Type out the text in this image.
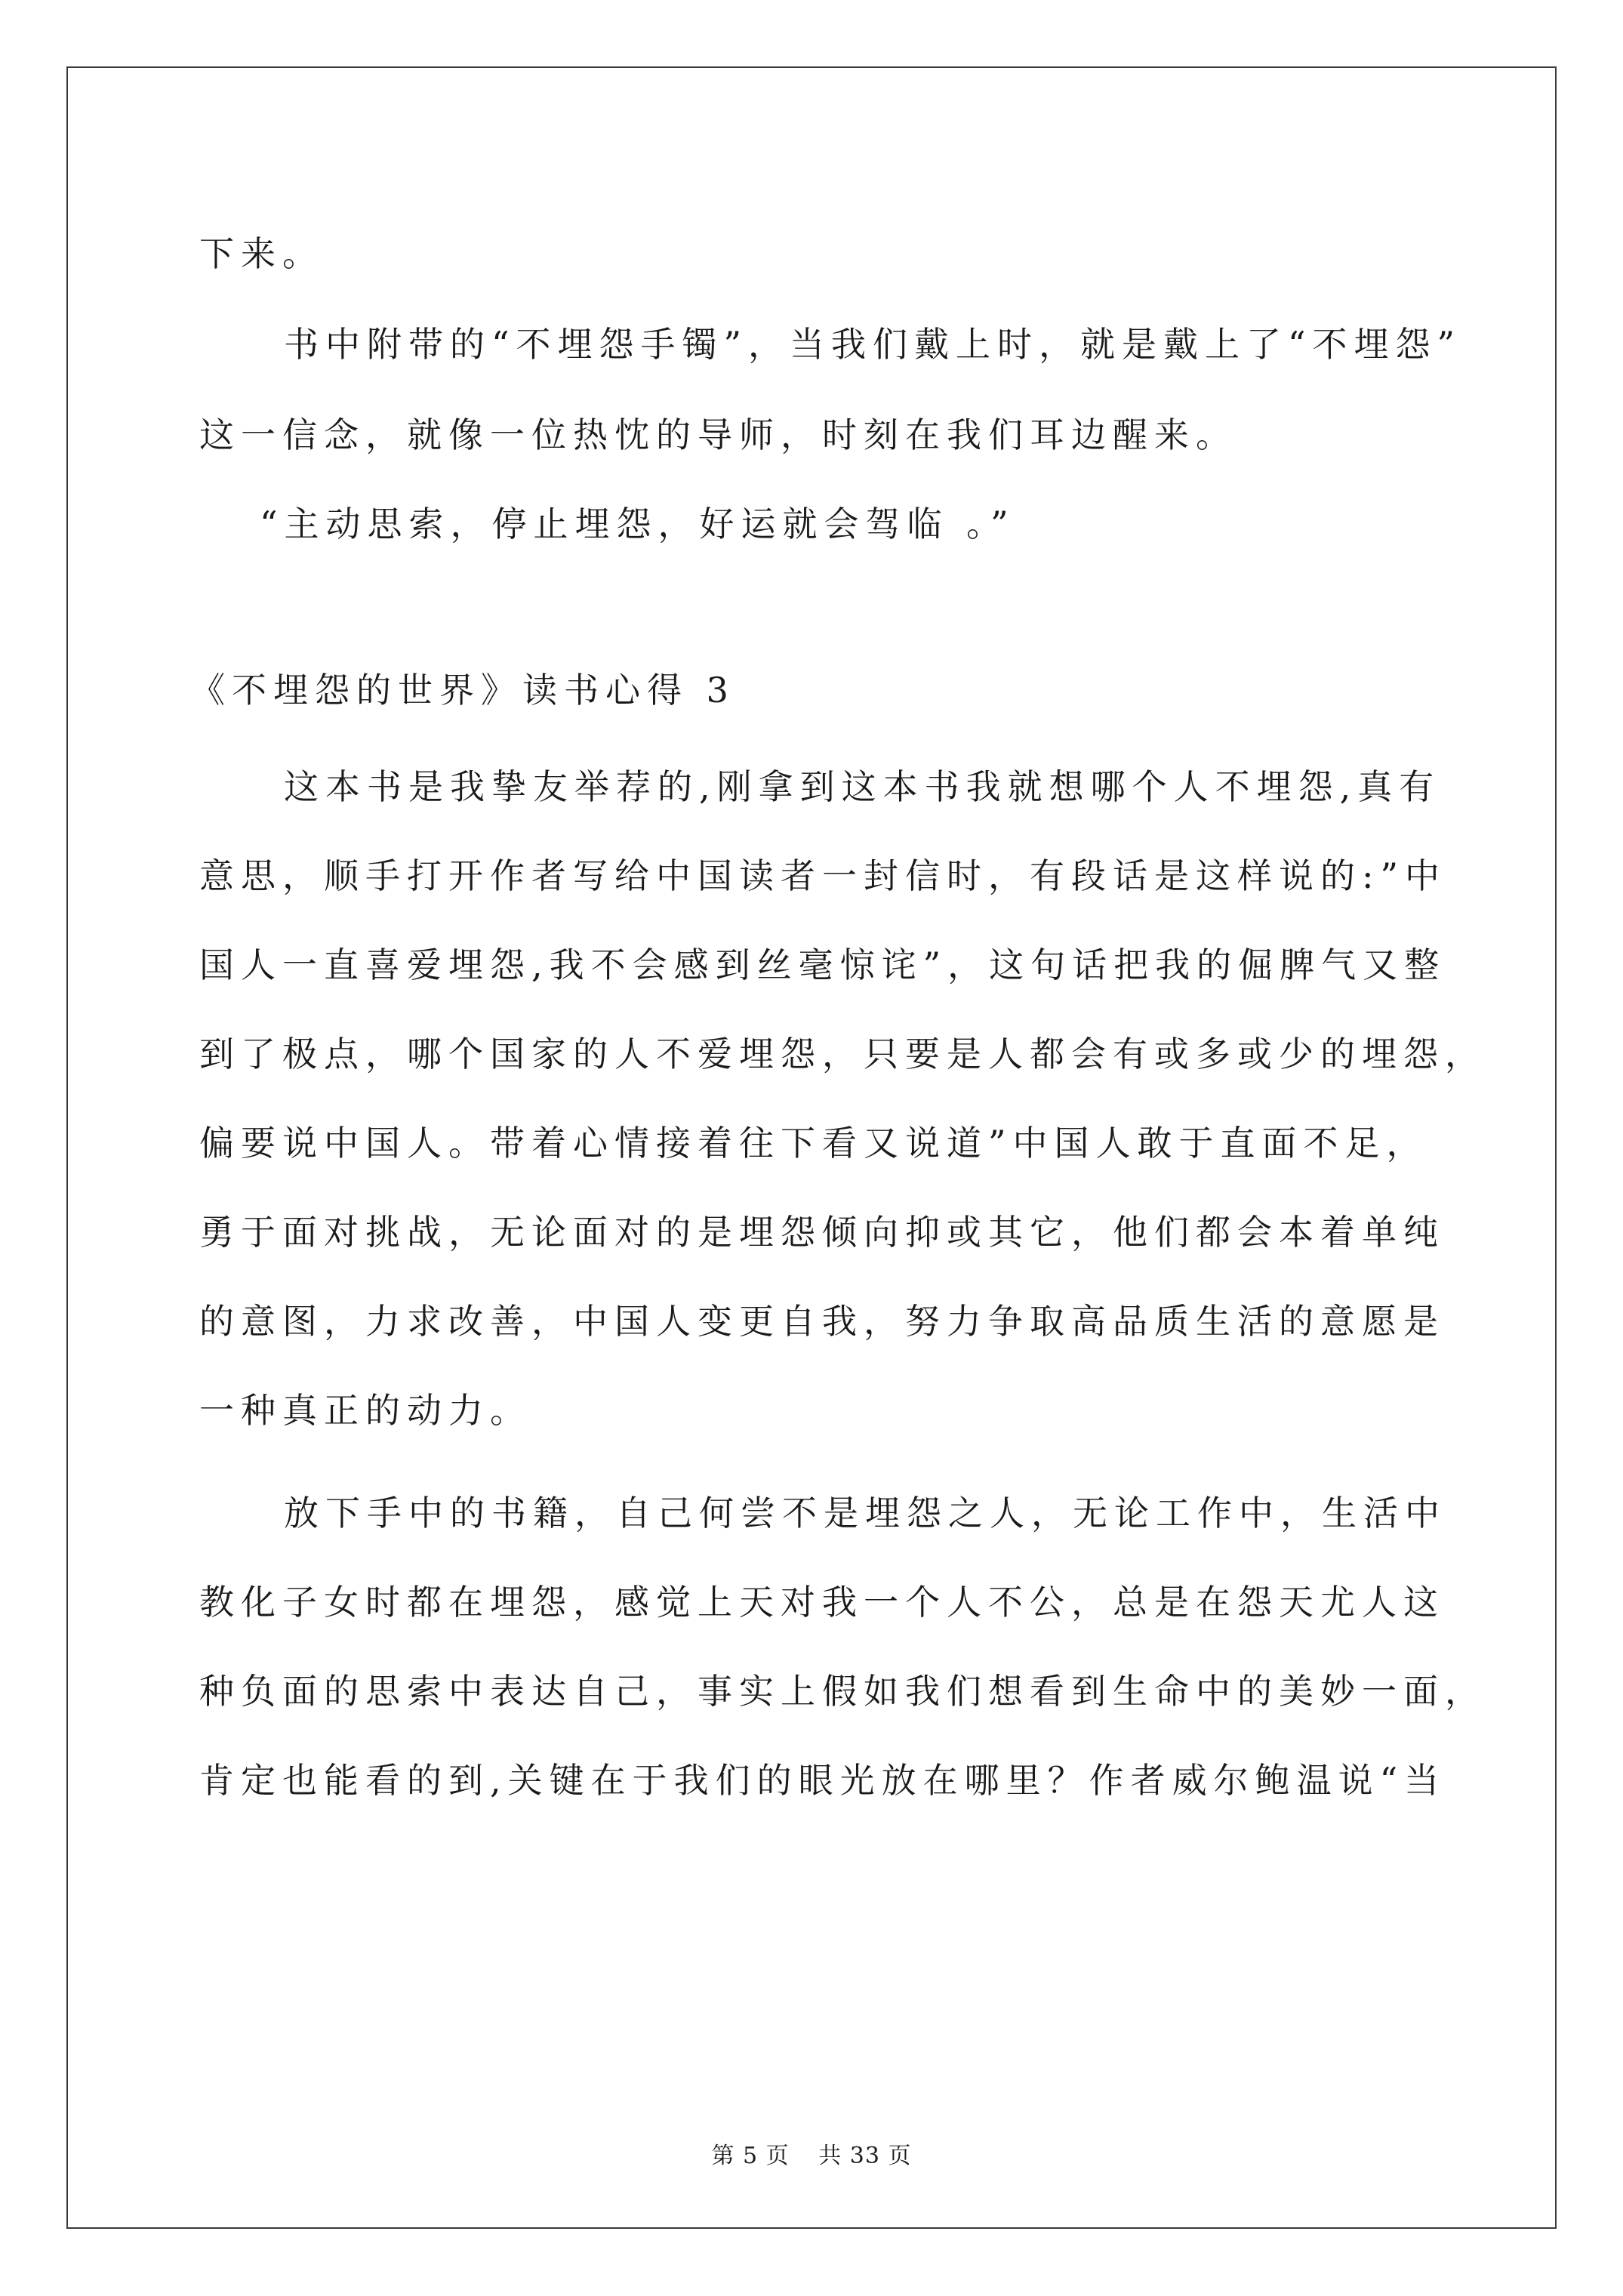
下来。
书中附带的“不埋怨手镯”，当我们戴上时，就是戴上了“不埋怨”
这一信念，就像一位热忱的导师，时刻在我们耳边醒来。
“主动思索，停止埋怨，好运就会驾临 。”
《不埋怨的世界》读书心得 3
这本书是我挚友举荐的,刚拿到这本书我就想哪个人不埋怨,真有
意思，顺手打开作者写给中国读者一封信时，有段话是这样说的:”中
国人一直喜爱埋怨,我不会感到丝毫惊诧”，这句话把我的倔脾气又整
到了极点，哪个国家的人不爱埋怨，只要是人都会有或多或少的埋怨，
偏要说中国人。带着心情接着往下看又说道”中国人敢于直面不足，
勇于面对挑战，无论面对的是埋怨倾向抑或其它，他们都会本着单纯
的意图，力求改善，中国人变更自我，努力争取高品质生活的意愿是
一种真正的动力。
放下手中的书籍，自己何尝不是埋怨之人，无论工作中，生活中
教化子女时都在埋怨，感觉上天对我一个人不公，总是在怨天尤人这
种负面的思索中表达自己，事实上假如我们想看到生命中的美妙一面，
肯定也能看的到,关键在于我们的眼光放在哪里？作者威尔鲍温说“当
第 5 页 共 33 页
